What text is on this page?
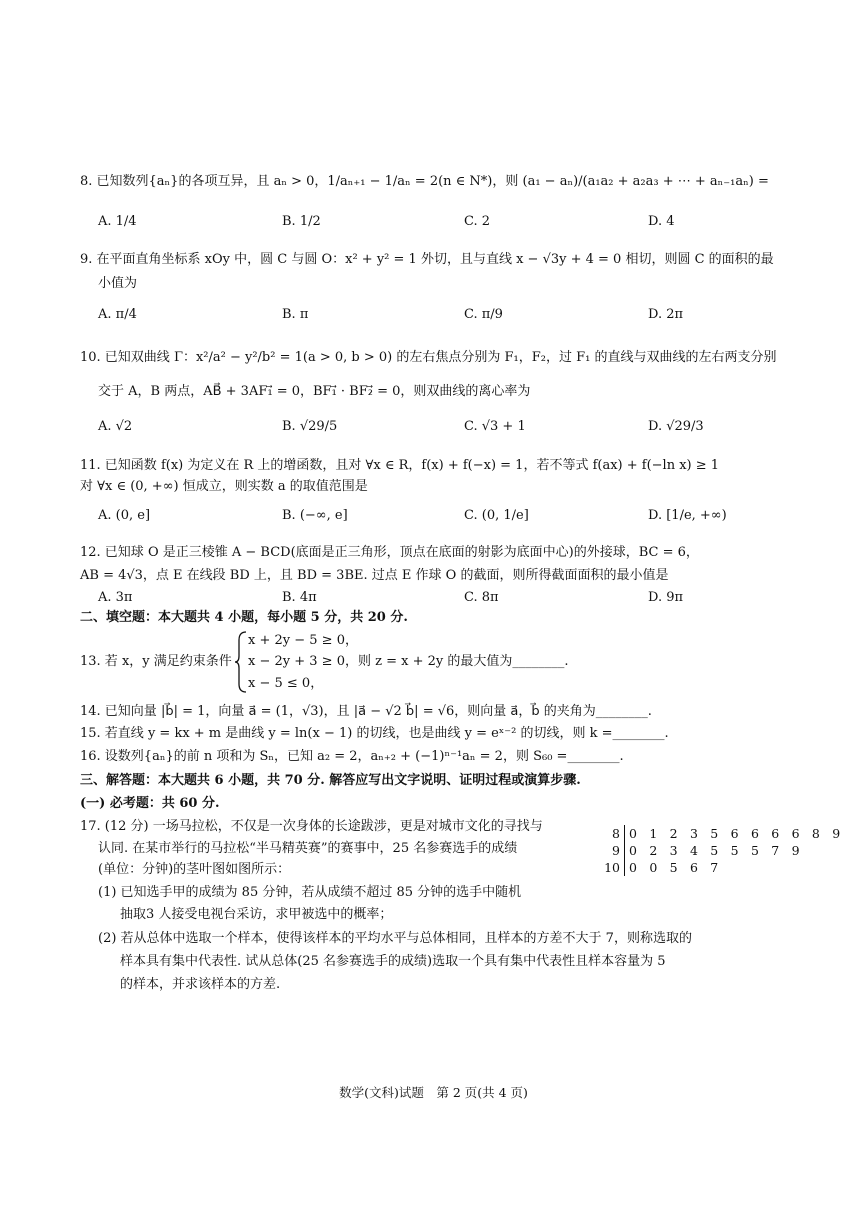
8. 已知数列{aₙ}的各项互异，且 aₙ > 0，1/aₙ₊₁ − 1/aₙ = 2(n ∈ N*)，则 (a₁ − aₙ)/(a₁a₂ + a₂a₃ + ⋯ + aₙ₋₁aₙ) =
A. 1/4	B. 1/2	C. 2	D. 4
9. 在平面直角坐标系 xOy 中，圆 C 与圆 O：x² + y² = 1 外切，且与直线 x − √3y + 4 = 0 相切，则圆 C 的面积的最
小值为
A. π/4	B. π	C. π/9	D. 2π
10. 已知双曲线 Γ：x²/a² − y²/b² = 1(a > 0, b > 0) 的左右焦点分别为 F₁，F₂，过 F₁ 的直线与双曲线的左右两支分别
交于 A，B 两点，AB⃗ + 3AF₁⃗ = 0，BF₁⃗ · BF₂⃗ = 0，则双曲线的离心率为
A. √2	B. √29/5	C. √3 + 1	D. √29/3
11. 已知函数 f(x) 为定义在 R 上的增函数，且对 ∀x ∈ R，f(x) + f(−x) = 1，若不等式 f(ax) + f(−ln x) ≥ 1
对 ∀x ∈ (0, +∞) 恒成立，则实数 a 的取值范围是
A. (0, e]	B. (−∞, e]	C. (0, 1/e]	D. [1/e, +∞)
12. 已知球 O 是正三棱锥 A − BCD(底面是正三角形，顶点在底面的射影为底面中心)的外接球，BC = 6，
AB = 4√3，点 E 在线段 BD 上，且 BD = 3BE. 过点 E 作球 O 的截面，则所得截面面积的最小值是
A. 3π	B. 4π	C. 8π	D. 9π
二、填空题：本大题共 4 小题，每小题 5 分，共 20 分.
13. 若 x，y 满足约束条件
x + 2y − 5 ≥ 0，
x − 2y + 3 ≥ 0，则 z = x + 2y 的最大值为________.
x − 5 ≤ 0，
14. 已知向量 |b⃗| = 1，向量 a⃗ = (1，√3)，且 |a⃗ − √2 b⃗| = √6，则向量 a⃗，b⃗ 的夹角为________.
15. 若直线 y = kx + m 是曲线 y = ln(x − 1) 的切线，也是曲线 y = eˣ⁻² 的切线，则 k =________.
16. 设数列{aₙ}的前 n 项和为 Sₙ，已知 a₂ = 2，aₙ₊₂ + (−1)ⁿ⁻¹aₙ = 2，则 S₆₀ =________.
三、解答题：本大题共 6 小题，共 70 分. 解答应写出文字说明、证明过程或演算步骤.
(一) 必考题：共 60 分.
17. (12 分) 一场马拉松，不仅是一次身体的长途跋涉，更是对城市文化的寻找与
认同. 在某市举行的马拉松“半马精英赛”的赛事中，25 名参赛选手的成绩
(单位：分钟)的茎叶图如图所示：
(1) 已知选手甲的成绩为 85 分钟，若从成绩不超过 85 分钟的选手中随机
抽取3 人接受电视台采访，求甲被选中的概率；
(2) 若从总体中选取一个样本，使得该样本的平均水平与总体相同，且样本的方差不大于 7，则称选取的
样本具有集中代表性. 试从总体(25 名参赛选手的成绩)选取一个具有集中代表性且样本容量为 5
的样本，并求该样本的方差.
8 0 1 2 3 5 6 6 6 6 8 9
9 0 2 3 4 5 5 5 7 9
10 0 0 5 6 7
数学(文科)试题　第 2 页(共 4 页)
